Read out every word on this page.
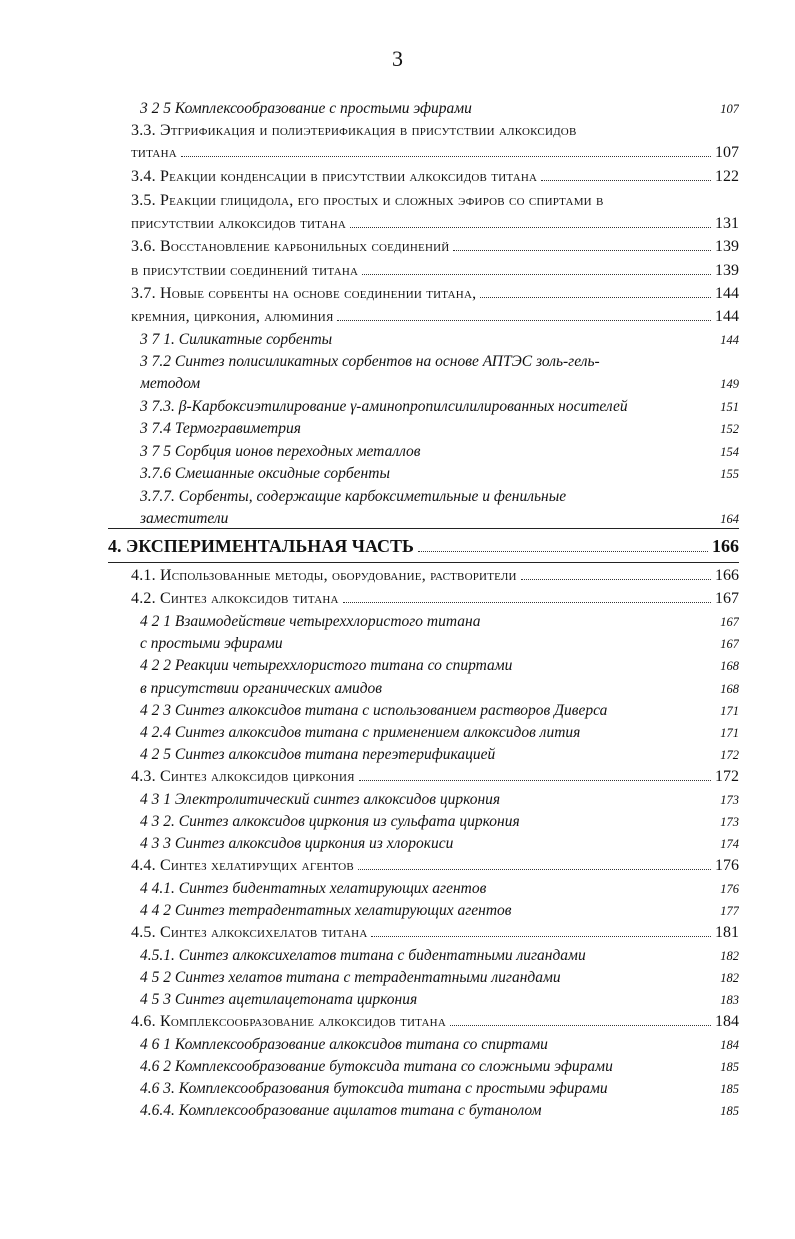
3
3 2 5 Комплексообразование с простыми эфирами	107
3.3. Этгрификация и полиэтерификация в присутствии алкоксидов
титана	107
3.4. Реакции конденсации в присутствии алкоксидов титана	122
3.5. Реакции глицидола, его простых и сложных эфиров со спиртами в
присутствии алкоксидов титана	131
3.6. Восстановление карбонильных соединений	139
в присутствии соединений титана	139
3.7. Новые сорбенты на основе соединении титана,	144
кремния, циркония, алюминия	144
3 7 1. Силикатные сорбенты	144
3 7.2 Синтез полисиликатных сорбентов на основе АПТЭС золь-гель-
методом	149
3 7.3. β-Карбоксиэтилирование γ-аминопропилсилилированных носителей	151
3 7.4 Термогравиметрия	152
3 7 5 Сорбция ионов переходных металлов	154
3.7.6 Смешанные оксидные сорбенты	155
3.7.7. Сорбенты, содержащие карбоксиметильные и фенильные
заместители	164
4. ЭКСПЕРИМЕНТАЛЬНАЯ ЧАСТЬ	166
4.1. Использованные методы, оборудование, растворители	166
4.2. Синтез алкоксидов титана	167
4 2 1 Взаимодействие четыреххлористого титана	167
с простыми эфирами	167
4 2 2 Реакции четыреххлористого титана со спиртами	168
в присутствии органических амидов	168
4 2 3 Синтез алкоксидов титана с использованием растворов Диверса	171
4 2.4 Синтез алкоксидов титана с применением алкоксидов лития	171
4 2 5 Синтез алкоксидов титана переэтерификацией	172
4.3. Синтез алкоксидов циркония	172
4 3 1 Электролитический синтез алкоксидов циркония	173
4 3 2. Синтез алкоксидов циркония из сульфата циркония	173
4 3 3 Синтез алкоксидов циркония из хлорокиси	174
4.4. Синтез хелатирущих агентов	176
4 4.1. Синтез бидентатных хелатирующих агентов	176
4 4 2 Синтез тетрадентатных хелатирующих агентов	177
4.5. Синтез алкоксихелатов титана	181
4.5.1. Синтез алкоксихелатов титана с бидентатными лигандами	182
4 5 2 Синтез хелатов титана с тетрадентатными лигандами	182
4 5 3 Синтез ацетилацетоната циркония	183
4.6. Комплексообразование алкоксидов титана	184
4 6 1 Комплексообразование алкоксидов титана со спиртами	184
4.6 2 Комплексообразование бутоксида титана со сложными эфирами	185
4.6 3. Комплексообразования бутоксида титана с простыми эфирами	185
4.6.4. Комплексообразование ацилатов титана с бутанолом	185
